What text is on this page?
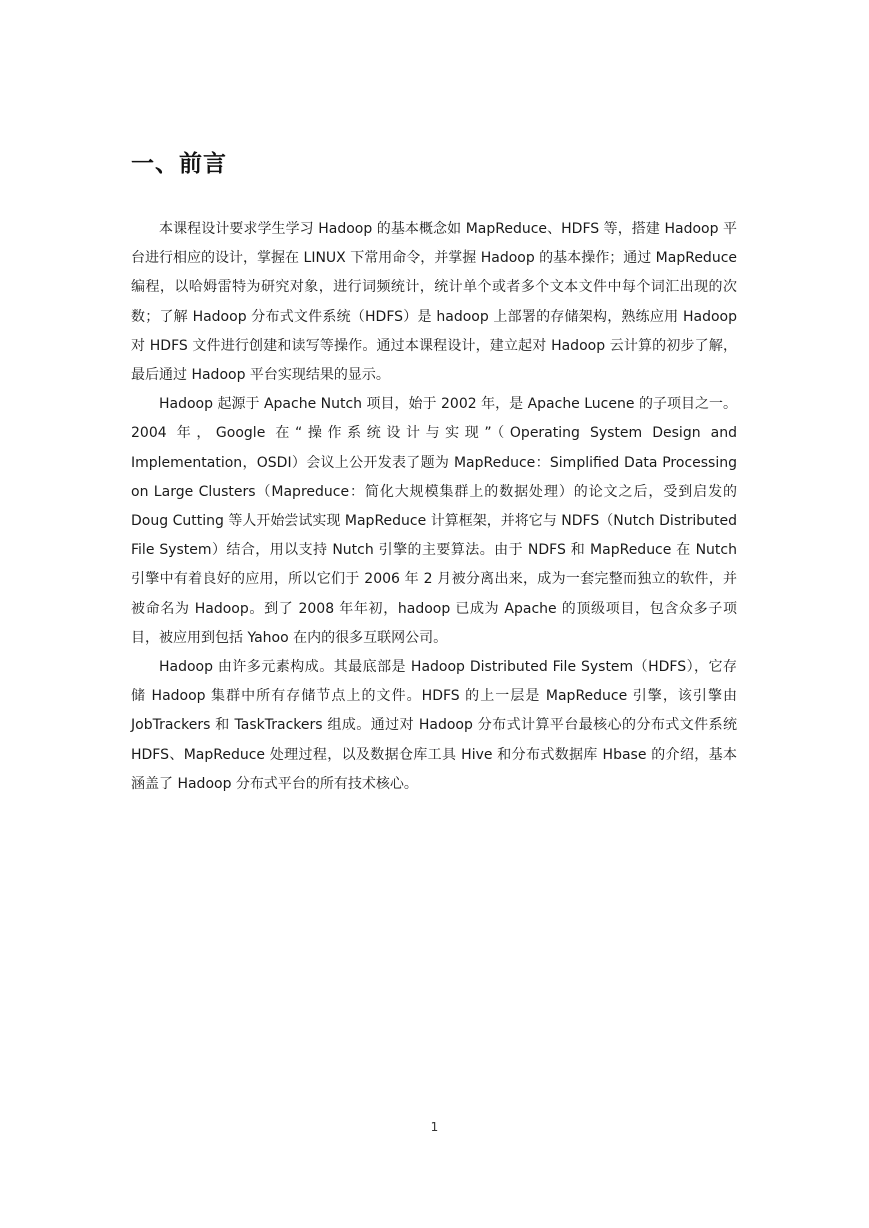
一、前言

本课程设计要求学生学习 Hadoop 的基本概念如 MapReduce、HDFS 等，搭建 Hadoop 平台进行相应的设计，掌握在 LINUX 下常用命令，并掌握 Hadoop 的基本操作；通过 MapReduce 编程，以哈姆雷特为研究对象，进行词频统计，统计单个或者多个文本文件中每个词汇出现的次数；了解 Hadoop 分布式文件系统（HDFS）是 hadoop 上部署的存储架构，熟练应用 Hadoop 对 HDFS 文件进行创建和读写等操作。通过本课程设计，建立起对 Hadoop 云计算的初步了解，最后通过 Hadoop 平台实现结果的显示。

Hadoop 起源于 Apache Nutch 项目，始于 2002 年，是 Apache Lucene 的子项目之一。2004 年，Google 在“操作系统设计与实现”（Operating System Design and Implementation，OSDI）会议上公开发表了题为 MapReduce：Simplified Data Processing on Large Clusters（Mapreduce：简化大规模集群上的数据处理）的论文之后，受到启发的 Doug Cutting 等人开始尝试实现 MapReduce 计算框架，并将它与 NDFS（Nutch Distributed File System）结合，用以支持 Nutch 引擎的主要算法。由于 NDFS 和 MapReduce 在 Nutch 引擎中有着良好的应用，所以它们于 2006 年 2 月被分离出来，成为一套完整而独立的软件，并被命名为 Hadoop。到了 2008 年年初，hadoop 已成为 Apache 的顶级项目，包含众多子项目，被应用到包括 Yahoo 在内的很多互联网公司。

Hadoop 由许多元素构成。其最底部是 Hadoop Distributed File System（HDFS），它存储 Hadoop 集群中所有存储节点上的文件。HDFS 的上一层是 MapReduce 引擎，该引擎由 JobTrackers 和 TaskTrackers 组成。通过对 Hadoop 分布式计算平台最核心的分布式文件系统 HDFS、MapReduce 处理过程，以及数据仓库工具 Hive 和分布式数据库 Hbase 的介绍，基本涵盖了 Hadoop 分布式平台的所有技术核心。

1
